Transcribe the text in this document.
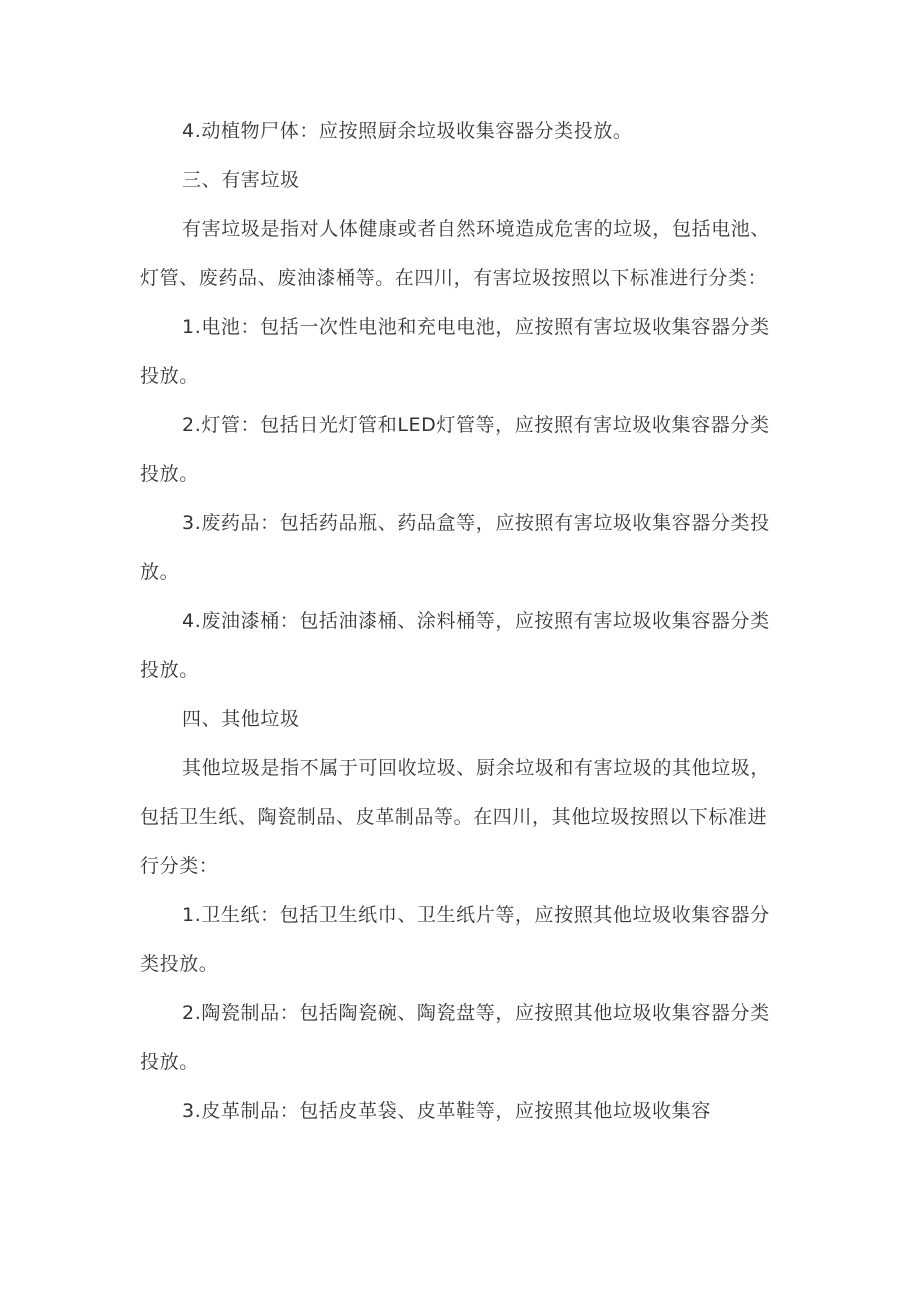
4.动植物尸体：应按照厨余垃圾收集容器分类投放。

三、有害垃圾

有害垃圾是指对人体健康或者自然环境造成危害的垃圾，包括电池、灯管、废药品、废油漆桶等。在四川，有害垃圾按照以下标准进行分类：

1.电池：包括一次性电池和充电电池，应按照有害垃圾收集容器分类投放。

2.灯管：包括日光灯管和LED灯管等，应按照有害垃圾收集容器分类投放。

3.废药品：包括药品瓶、药品盒等，应按照有害垃圾收集容器分类投放。

4.废油漆桶：包括油漆桶、涂料桶等，应按照有害垃圾收集容器分类投放。

四、其他垃圾

其他垃圾是指不属于可回收垃圾、厨余垃圾和有害垃圾的其他垃圾，包括卫生纸、陶瓷制品、皮革制品等。在四川，其他垃圾按照以下标准进行分类：

1.卫生纸：包括卫生纸巾、卫生纸片等，应按照其他垃圾收集容器分类投放。

2.陶瓷制品：包括陶瓷碗、陶瓷盘等，应按照其他垃圾收集容器分类投放。

3.皮革制品：包括皮革袋、皮革鞋等，应按照其他垃圾收集容
